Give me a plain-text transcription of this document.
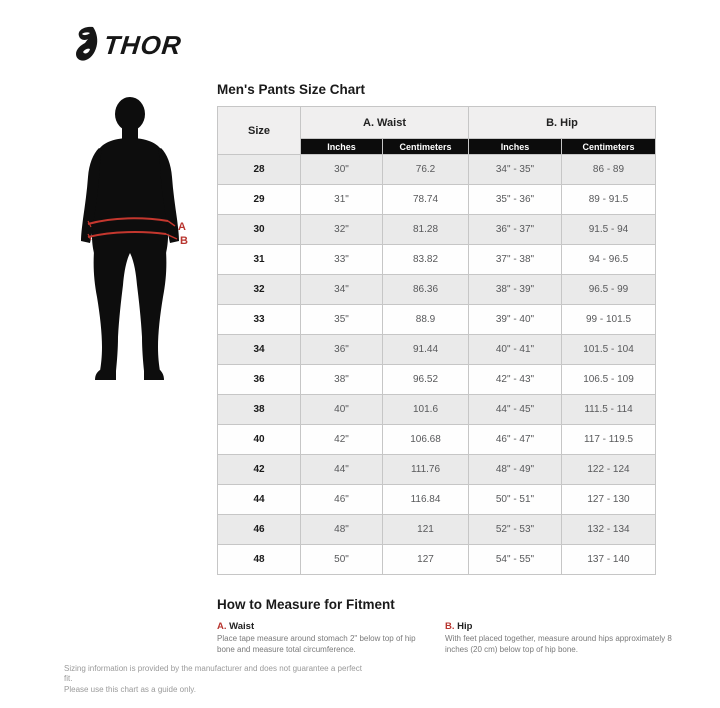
THOR
A
B
Men's Pants Size Chart
Size	A. Waist		B. Hip	
	Inches	Centimeters	Inches	Centimeters
28	30"	76.2	34" - 35"	86 - 89
29	31"	78.74	35" - 36"	89 - 91.5
30	32"	81.28	36" - 37"	91.5 - 94
31	33"	83.82	37" - 38"	94 - 96.5
32	34"	86.36	38" - 39"	96.5 - 99
33	35"	88.9	39" - 40"	99 - 101.5
34	36"	91.44	40" - 41"	101.5 - 104
36	38"	96.52	42" - 43"	106.5 - 109
38	40"	101.6	44" - 45"	111.5 - 114
40	42"	106.68	46" - 47"	117 - 119.5
42	44"	111.76	48" - 49"	122 - 124
44	46"	116.84	50" - 51"	127 - 130
46	48"	121	52" - 53"	132 - 134
48	50"	127	54" - 55"	137 - 140
How to Measure for Fitment
A. Waist
Place tape measure around stomach 2" below top of hip bone and measure total circumference.
B. Hip
With feet placed together, measure around hips approximately 8 inches (20 cm) below top of hip bone.
Sizing information is provided by the manufacturer and does not guarantee a perfect fit.
Please use this chart as a guide only.
